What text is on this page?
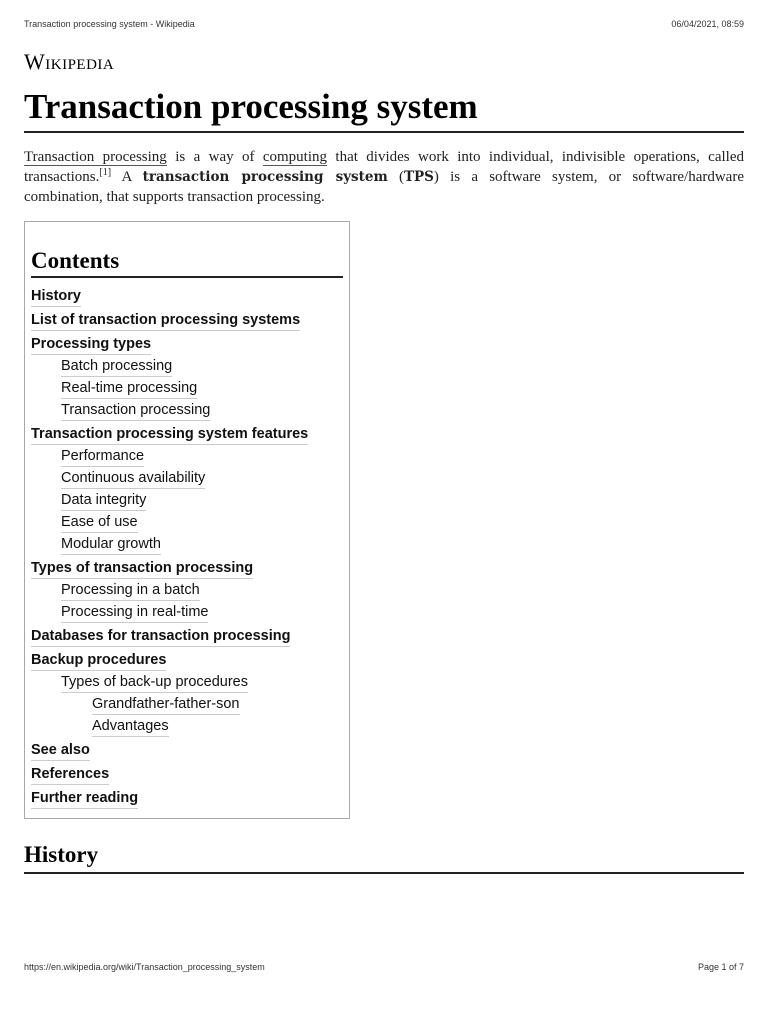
Transaction processing system - Wikipedia	06/04/2021, 08:59
Wikipedia
Transaction processing system

Transaction processing is a way of computing that divides work into individual, indivisible operations, called transactions.[1] A transaction processing system (TPS) is a software system, or software/hardware combination, that supports transaction processing.

Contents
History
List of transaction processing systems
Processing types
Batch processing
Real-time processing
Transaction processing
Transaction processing system features
Performance
Continuous availability
Data integrity
Ease of use
Modular growth
Types of transaction processing
Processing in a batch
Processing in real-time
Databases for transaction processing
Backup procedures
Types of back-up procedures
Grandfather-father-son
Advantages
See also
References
Further reading
History
https://en.wikipedia.org/wiki/Transaction_processing_system	Page 1 of 7
